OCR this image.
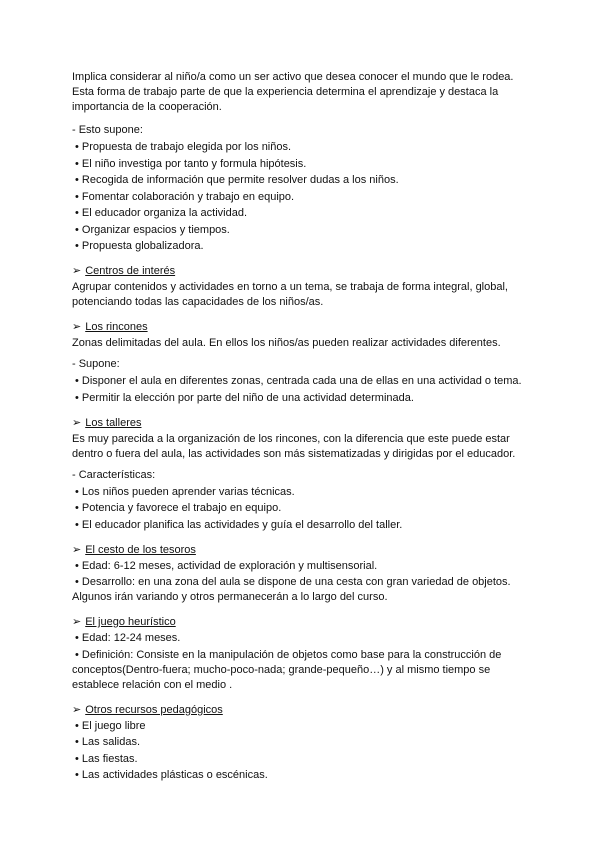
Implica considerar al niño/a como un ser activo que desea conocer el mundo que le rodea.

Esta forma de trabajo parte de que la experiencia determina el aprendizaje y destaca la

importancia de la cooperación.

- Esto supone:

• Propuesta de trabajo elegida por los niños.

• El niño investiga por tanto y formula hipótesis.

• Recogida de información que permite resolver dudas a los niños.

• Fomentar colaboración y trabajo en equipo.

• El educador organiza la actividad.

• Organizar espacios y tiempos.

• Propuesta globalizadora.

➢ Centros de interés

Agrupar contenidos y actividades en torno a un tema, se trabaja de forma integral, global,

potenciando todas las capacidades de los niños/as.

➢ Los rincones

Zonas delimitadas del aula. En ellos los niños/as pueden realizar actividades diferentes.

- Supone:

• Disponer el aula en diferentes zonas, centrada cada una de ellas en una actividad o tema.

• Permitir la elección por parte del niño de una actividad determinada.

➢ Los talleres

Es muy parecida a la organización de los rincones, con la diferencia que este puede estar

dentro o fuera del aula, las actividades son más sistematizadas y dirigidas por el educador.

- Características:

• Los niños pueden aprender varias técnicas.

• Potencia y favorece el trabajo en equipo.

• El educador planifica las actividades y guía el desarrollo del taller.

➢ El cesto de los tesoros

• Edad: 6-12 meses, actividad de exploración y multisensorial.

• Desarrollo: en una zona del aula se dispone de una cesta con gran variedad de objetos.

Algunos irán variando y otros permanecerán a lo largo del curso.

➢ El juego heurístico

• Edad: 12-24 meses.

• Definición: Consiste en la manipulación de objetos como base para la construcción de

conceptos(Dentro-fuera; mucho-poco-nada; grande-pequeño…) y al mismo tiempo se

establece relación con el medio .

➢ Otros recursos pedagógicos

• El juego libre

• Las salidas.

• Las fiestas.

• Las actividades plásticas o escénicas.
